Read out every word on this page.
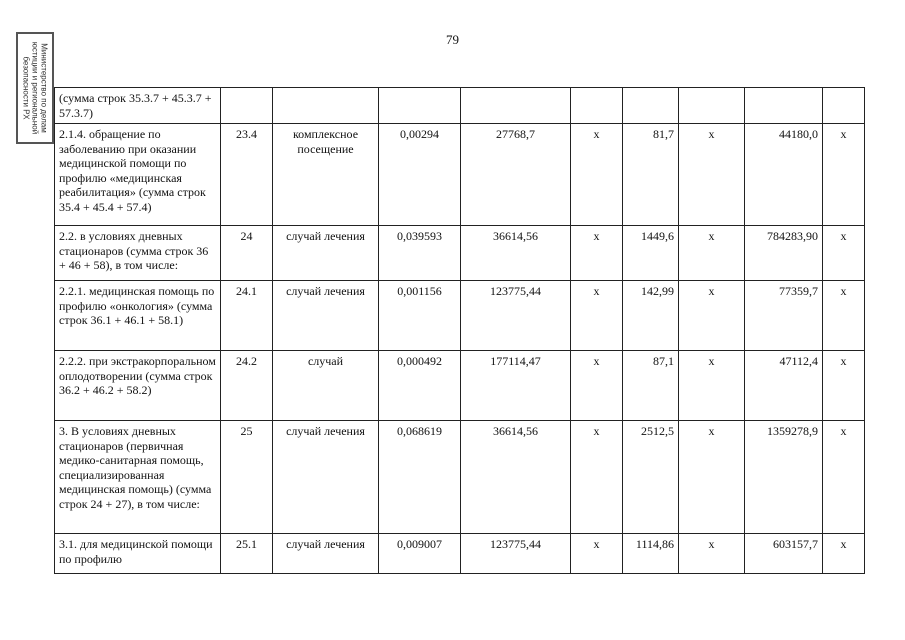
79
Министерство по делам
юстиции и региональной
безопасности РХ (сумма строк 35.3.7 + 45.3.7 + 57.3.7)									
2.1.4. обращение по заболеванию при оказании медицинской помощи по профилю «медицинская реабилитация» (сумма строк 35.4 + 45.4 + 57.4)	23.4	комплексное посещение	0,00294	27768,7	х	81,7	х	44180,0	х
2.2. в условиях дневных стационаров (сумма строк 36 + 46 + 58), в том числе:	24	случай лечения	0,039593	36614,56	х	1449,6	х	784283,90	х
2.2.1. медицинская помощь по профилю «онкология» (сумма строк 36.1 + 46.1 + 58.1)	24.1	случай лечения	0,001156	123775,44	х	142,99	х	77359,7	х
2.2.2. при экстракорпоральном оплодотворении (сумма строк 36.2 + 46.2 + 58.2)	24.2	случай	0,000492	177114,47	х	87,1	х	47112,4	х
3. В условиях дневных стационаров (первичная медико-санитарная помощь, специализированная медицинская помощь) (сумма строк 24 + 27), в том числе:	25	случай лечения	0,068619	36614,56	х	2512,5	х	1359278,9	х
3.1. для медицинской помощи по профилю	25.1	случай лечения	0,009007	123775,44	х	1114,86	х	603157,7	х
